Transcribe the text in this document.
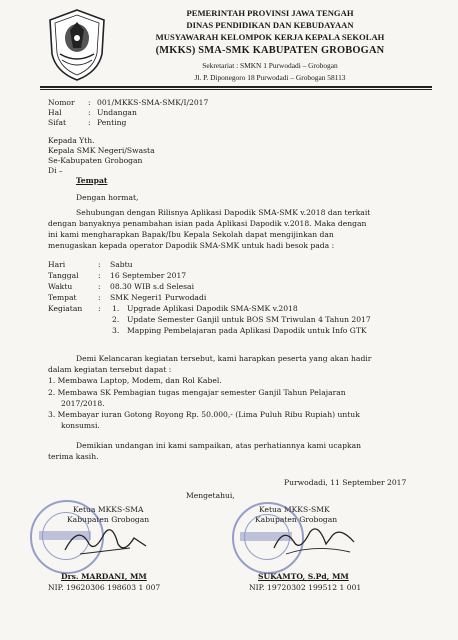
PEMERINTAH PROVINSI JAWA TENGAH
DINAS PENDIDIKAN DAN KEBUDAYAAN
MUSYAWARAH KELOMPOK KERJA KEPALA SEKOLAH
(MKKS) SMA-SMK KABUPATEN GROBOGAN
Sekretariat : SMKN 1 Purwodadi – Grobogan
Jl. P. Diponegoro 18 Purwodadi – Grobogan 58113
Nomor : 001/MKKS-SMA-SMK/I/2017
Hal	: Undangan
Sifat	: Penting
Kepada Yth.
Kepala SMK Negeri/Swasta
Se-Kabupaten Grobogan
Di –
Tempat
Dengan hormat,
Sehubungan dengan Rilisnya Aplikasi Dapodik SMA-SMK v.2018 dan terkait
dengan banyaknya penambahan isian pada Aplikasi Dapodik v.2018. Maka dengan
ini kami mengharapkan Bapak/Ibu Kepala Sekolah dapat mengijinkan dan
menugaskan kepada operator Dapodik SMA-SMK untuk hadi besok pada :
Hari	: Sabtu
Tanggal	: 16 September 2017
Waktu	: 08.30 WIB s.d Selesai
Tempat	: SMK Negeri1 Purwodadi
Kegiatan : 1. Upgrade Aplikasi Dapodik SMA-SMK v.2018
2. Update Semester Ganjil untuk BOS SM Triwulan 4 Tahun 2017
3. Mapping Pembelajaran pada Aplikasi Dapodik untuk Info GTK
Demi Kelancaran kegiatan tersebut, kami harapkan peserta yang akan hadir
dalam kegiatan tersebut dapat :
1. Membawa Laptop, Modem, dan Rol Kabel.
2. Membawa SK Pembagian tugas mengajar semester Ganjil Tahun Pelajaran
2017/2018.
3. Membayar iuran Gotong Royong Rp. 50.000,- (Lima Puluh Ribu Rupiah) untuk
konsumsi.
Demikian undangan ini kami sampaikan, atas perhatiannya kami ucapkan
terima kasih.
Purwodadi, 11 September 2017
Mengetahui,
Ketua MKKS-SMA
Kabupaten Grobogan
Ketua MKKS-SMK
Kabupaten Grobogan
Drs. MARDANI, MM
NIP. 19620306 198603 1 007
SUKAMTO, S.Pd, MM
NIP. 19720302 199512 1 001
